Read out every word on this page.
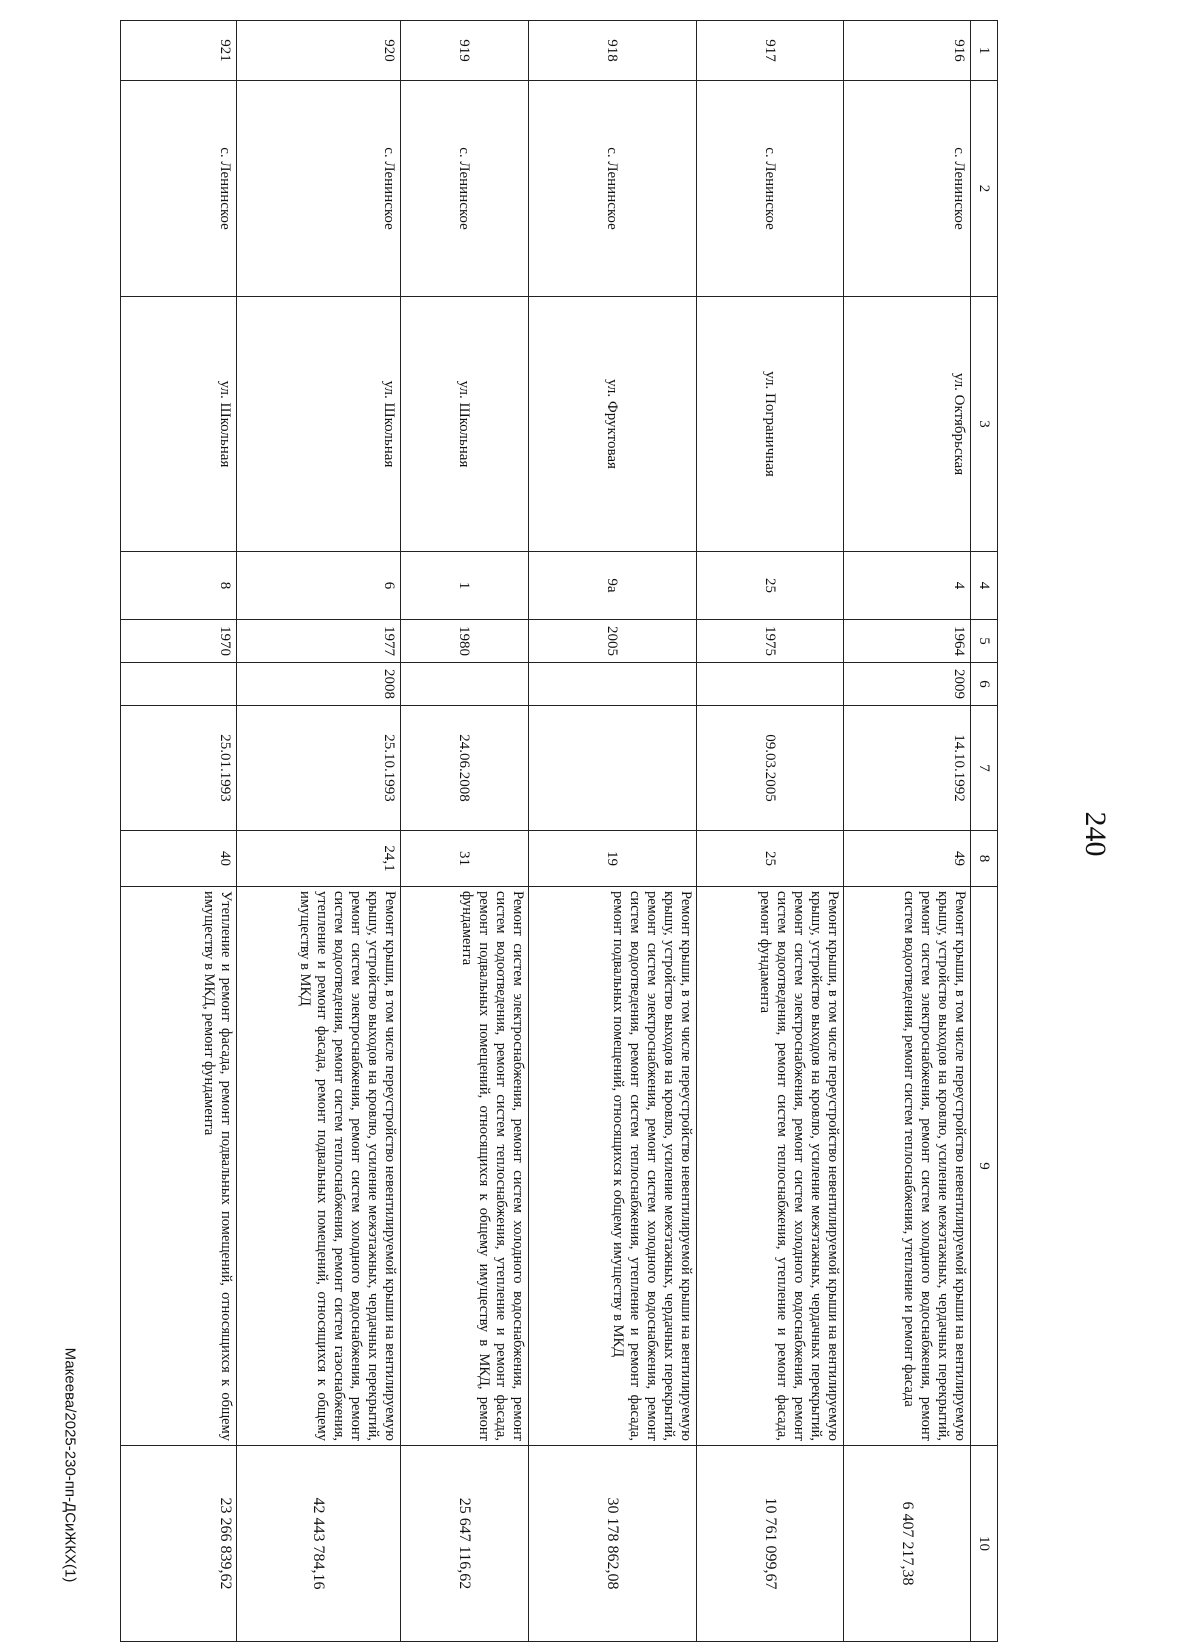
240
1	2	3	4	5	6	7	8	9	10
916	с. Ленинское	ул. Октябрьская	4	1964	2009	14.10.1992	49	Ремонт крыши, в том числе переустройство невентилируемой крыши на вентилируемую крышу, устройство выходов на кровлю, усиление межэтажных, чердачных перекрытий, ремонт систем электроснабжения, ремонт систем холодного водоснабжения, ремонт систем водоотведения, ремонт систем теплоснабжения, утепление и ремонт фасада	6 407 217,38
917	с. Ленинское	ул. Пограничная	25	1975		09.03.2005	25	Ремонт крыши, в том числе переустройство невентилируемой крыши на вентилируемую крышу, устройство выходов на кровлю, усиление межэтажных, чердачных перекрытий, ремонт систем электроснабжения, ремонт систем холодного водоснабжения, ремонт систем водоотведения, ремонт систем теплоснабжения, утепление и ремонт фасада, ремонт фундамента	10 761 099,67
918	с. Ленинское	ул. Фруктовая	9а	2005			19	Ремонт крыши, в том числе переустройство невентилируемой крыши на вентилируемую крышу, устройство выходов на кровлю, усиление межэтажных, чердачных перекрытий, ремонт систем электроснабжения, ремонт систем холодного водоснабжения, ремонт систем водоотведения, ремонт систем теплоснабжения, утепление и ремонт фасада, ремонт подвальных помещений, относящихся к общему имуществу в МКД	30 178 862,08
919	с. Ленинское	ул. Школьная	1	1980		24.06.2008	31	Ремонт систем электроснабжения, ремонт систем холодного водоснабжения, ремонт систем водоотведения, ремонт систем теплоснабжения, утепление и ремонт фасада, ремонт подвальных помещений, относящихся к общему имуществу в МКД, ремонт фундамента	25 647 116,62
920	с. Ленинское	ул. Школьная	6	1977	2008	25.10.1993	24,1	Ремонт крыши, в том числе переустройство невентилируемой крыши на вентилируемую крышу, устройство выходов на кровлю, усиление межэтажных, чердачных перекрытий, ремонт систем электроснабжения, ремонт систем холодного водоснабжения, ремонт систем водоотведения, ремонт систем теплоснабжения, ремонт систем газоснабжения, утепление и ремонт фасада, ремонт подвальных помещений, относящихся к общему имуществу в МКД	42 443 784,16
921	с. Ленинское	ул. Школьная	8	1970		25.01.1993	40	Утепление и ремонт фасада, ремонт подвальных помещений, относящихся к общему имуществу в МКД, ремонт фундамента	23 266 839,62
Макеева/2025-230-пп-ДСиЖКХ(1)
